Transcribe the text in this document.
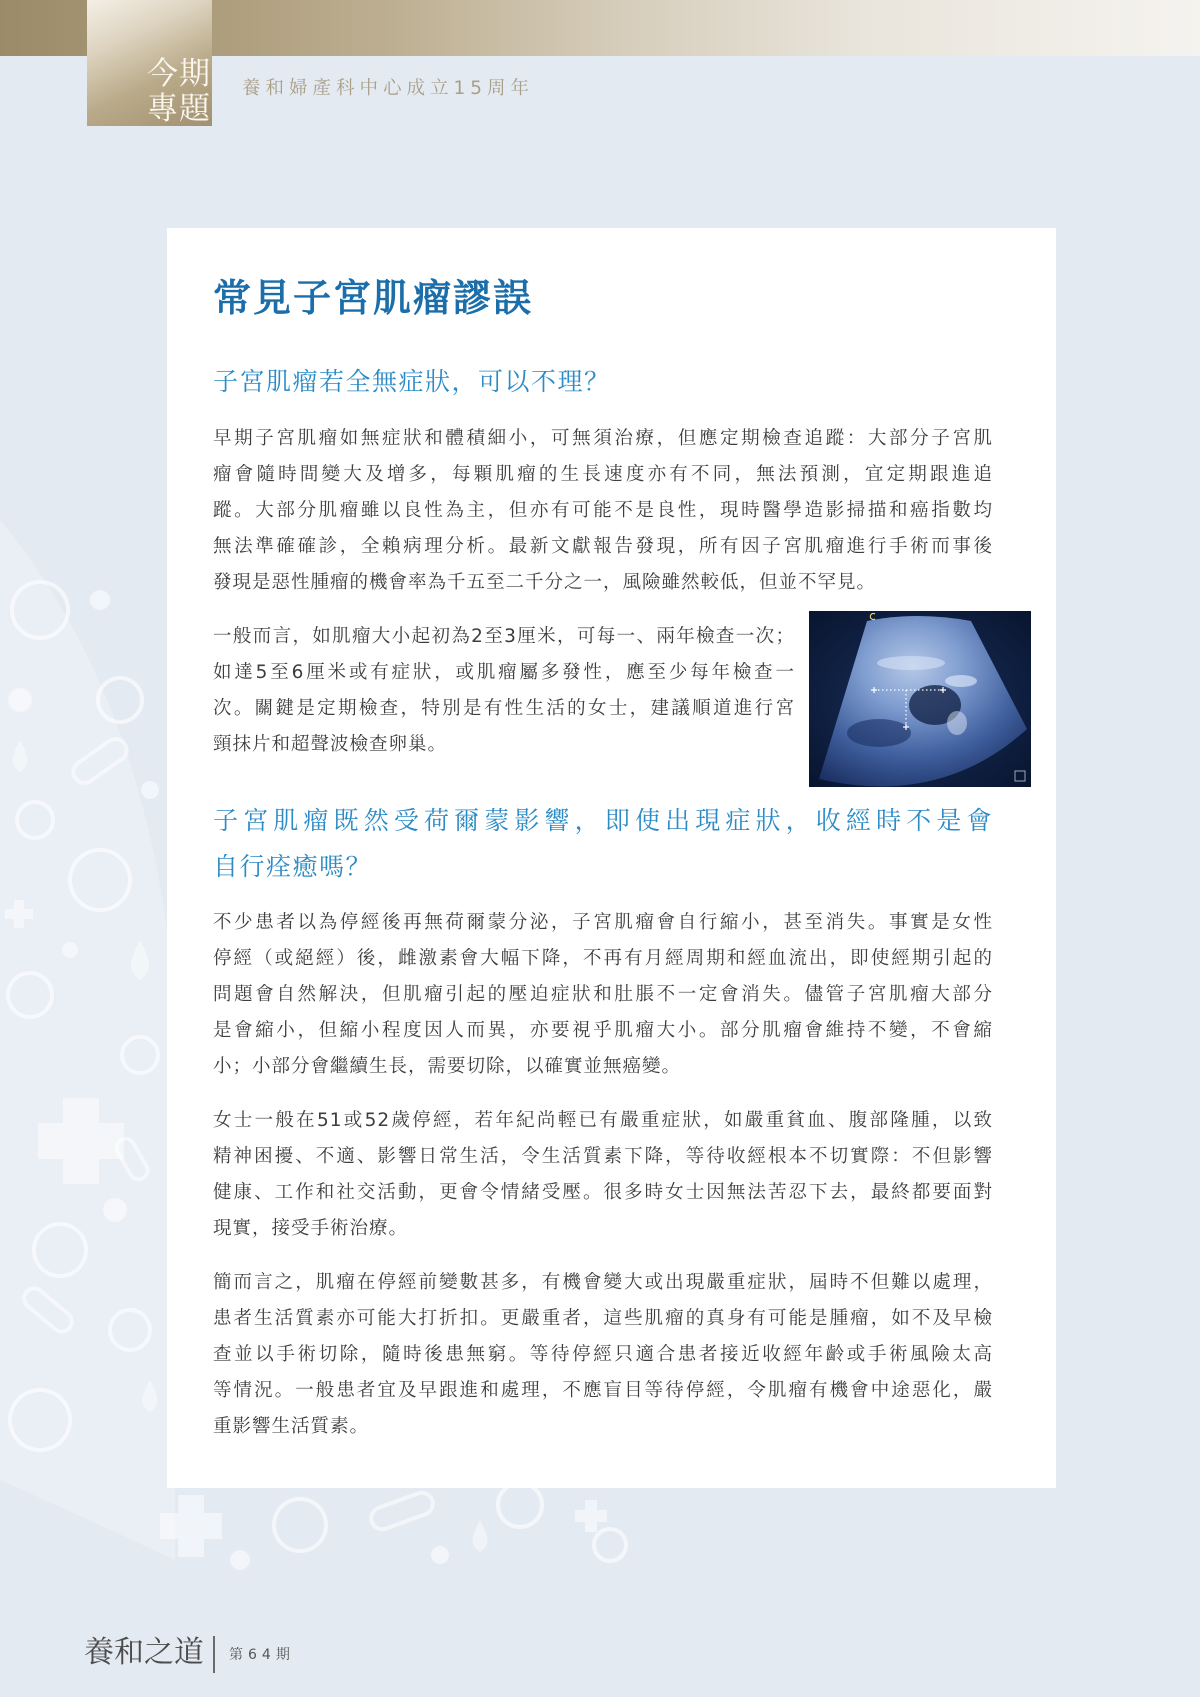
今期
專題
養和婦產科中心成立15周年
常見子宮肌瘤謬誤
子宮肌瘤若全無症狀，可以不理？
早期子宮肌瘤如無症狀和體積細小，可無須治療，但應定期檢查追蹤：大部分子宮肌
瘤會隨時間變大及增多，每顆肌瘤的生長速度亦有不同，無法預測，宜定期跟進追
蹤。大部分肌瘤雖以良性為主，但亦有可能不是良性，現時醫學造影掃描和癌指數均
無法準確確診，全賴病理分析。最新文獻報告發現，所有因子宮肌瘤進行手術而事後
發現是惡性腫瘤的機會率為千五至二千分之一，風險雖然較低，但並不罕見。
一般而言，如肌瘤大小起初為2至3厘米，可每一、兩年檢查一次；
如達5至6厘米或有症狀，或肌瘤屬多發性，應至少每年檢查一
次。關鍵是定期檢查，特別是有性生活的女士，建議順道進行宮
頸抹片和超聲波檢查卵巢。
子宮肌瘤既然受荷爾蒙影響，即使出現症狀，收經時不是會
自行痊癒嗎？
不少患者以為停經後再無荷爾蒙分泌，子宮肌瘤會自行縮小，甚至消失。事實是女性
停經（或絕經）後，雌激素會大幅下降，不再有月經周期和經血流出，即使經期引起的
問題會自然解決，但肌瘤引起的壓迫症狀和肚脹不一定會消失。儘管子宮肌瘤大部分
是會縮小，但縮小程度因人而異，亦要視乎肌瘤大小。部分肌瘤會維持不變，不會縮
小；小部分會繼續生長，需要切除，以確實並無癌變。
女士一般在51或52歲停經，若年紀尚輕已有嚴重症狀，如嚴重貧血、腹部隆腫，以致
精神困擾、不適、影響日常生活，令生活質素下降，等待收經根本不切實際：不但影響
健康、工作和社交活動，更會令情緒受壓。很多時女士因無法苦忍下去，最終都要面對
現實，接受手術治療。
簡而言之，肌瘤在停經前變數甚多，有機會變大或出現嚴重症狀，屆時不但難以處理，
患者生活質素亦可能大打折扣。更嚴重者，這些肌瘤的真身有可能是腫瘤，如不及早檢
查並以手術切除，隨時後患無窮。等待停經只適合患者接近收經年齡或手術風險太高
等情況。一般患者宜及早跟進和處理，不應盲目等待停經，令肌瘤有機會中途惡化，嚴
重影響生活質素。
養和之道 第64期
